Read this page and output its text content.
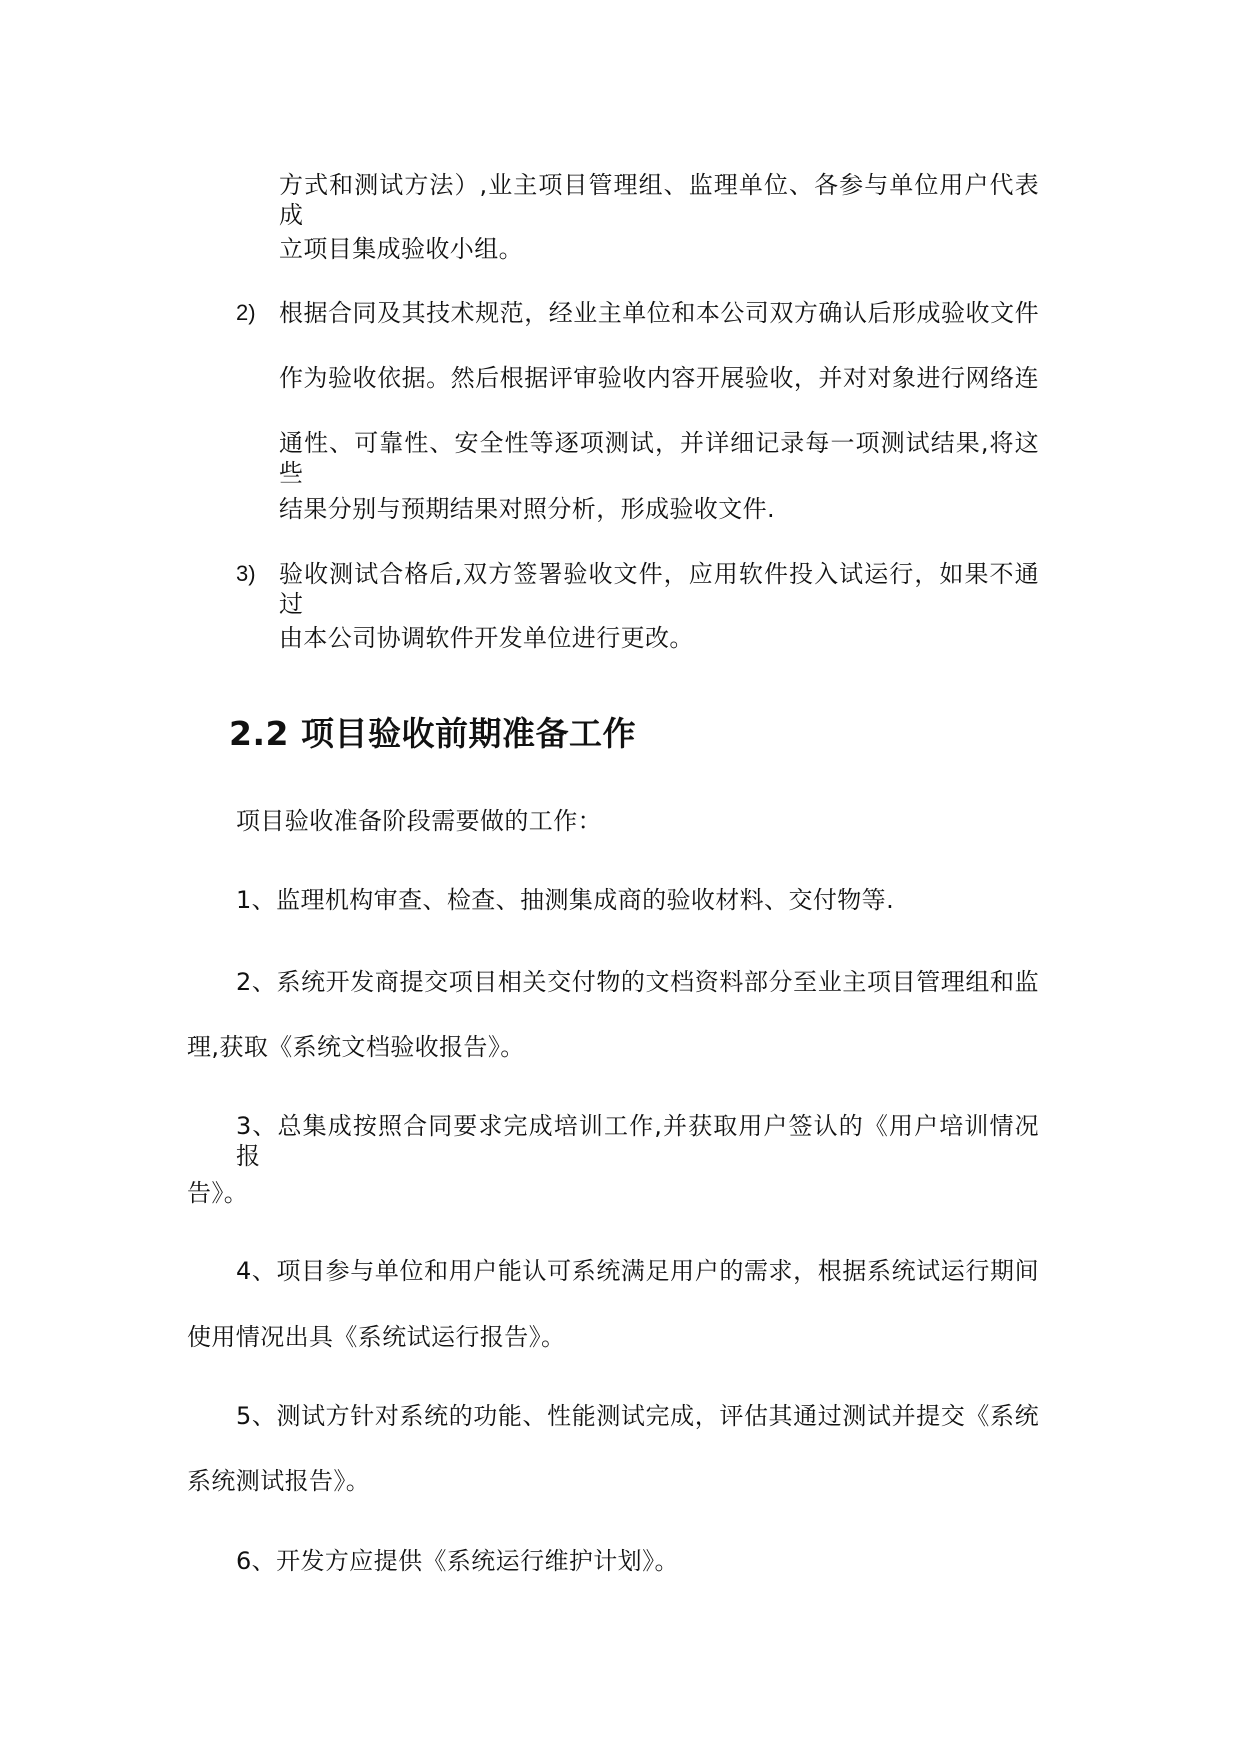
方式和测试方法）,业主项目管理组、监理单位、各参与单位用户代表成
立项目集成验收小组。
2) 根据合同及其技术规范，经业主单位和本公司双方确认后形成验收文件
作为验收依据。然后根据评审验收内容开展验收，并对对象进行网络连
通性、可靠性、安全性等逐项测试，并详细记录每一项测试结果,将这些
结果分别与预期结果对照分析，形成验收文件.
3) 验收测试合格后,双方签署验收文件，应用软件投入试运行，如果不通过
由本公司协调软件开发单位进行更改。
2.2 项目验收前期准备工作
项目验收准备阶段需要做的工作：
1、监理机构审查、检查、抽测集成商的验收材料、交付物等.
2、系统开发商提交项目相关交付物的文档资料部分至业主项目管理组和监
理,获取《系统文档验收报告》。
3、总集成按照合同要求完成培训工作,并获取用户签认的《用户培训情况报
告》。
4、项目参与单位和用户能认可系统满足用户的需求，根据系统试运行期间
使用情况出具《系统试运行报告》。
5、测试方针对系统的功能、性能测试完成，评估其通过测试并提交《系统
系统测试报告》。
6、开发方应提供《系统运行维护计划》。
